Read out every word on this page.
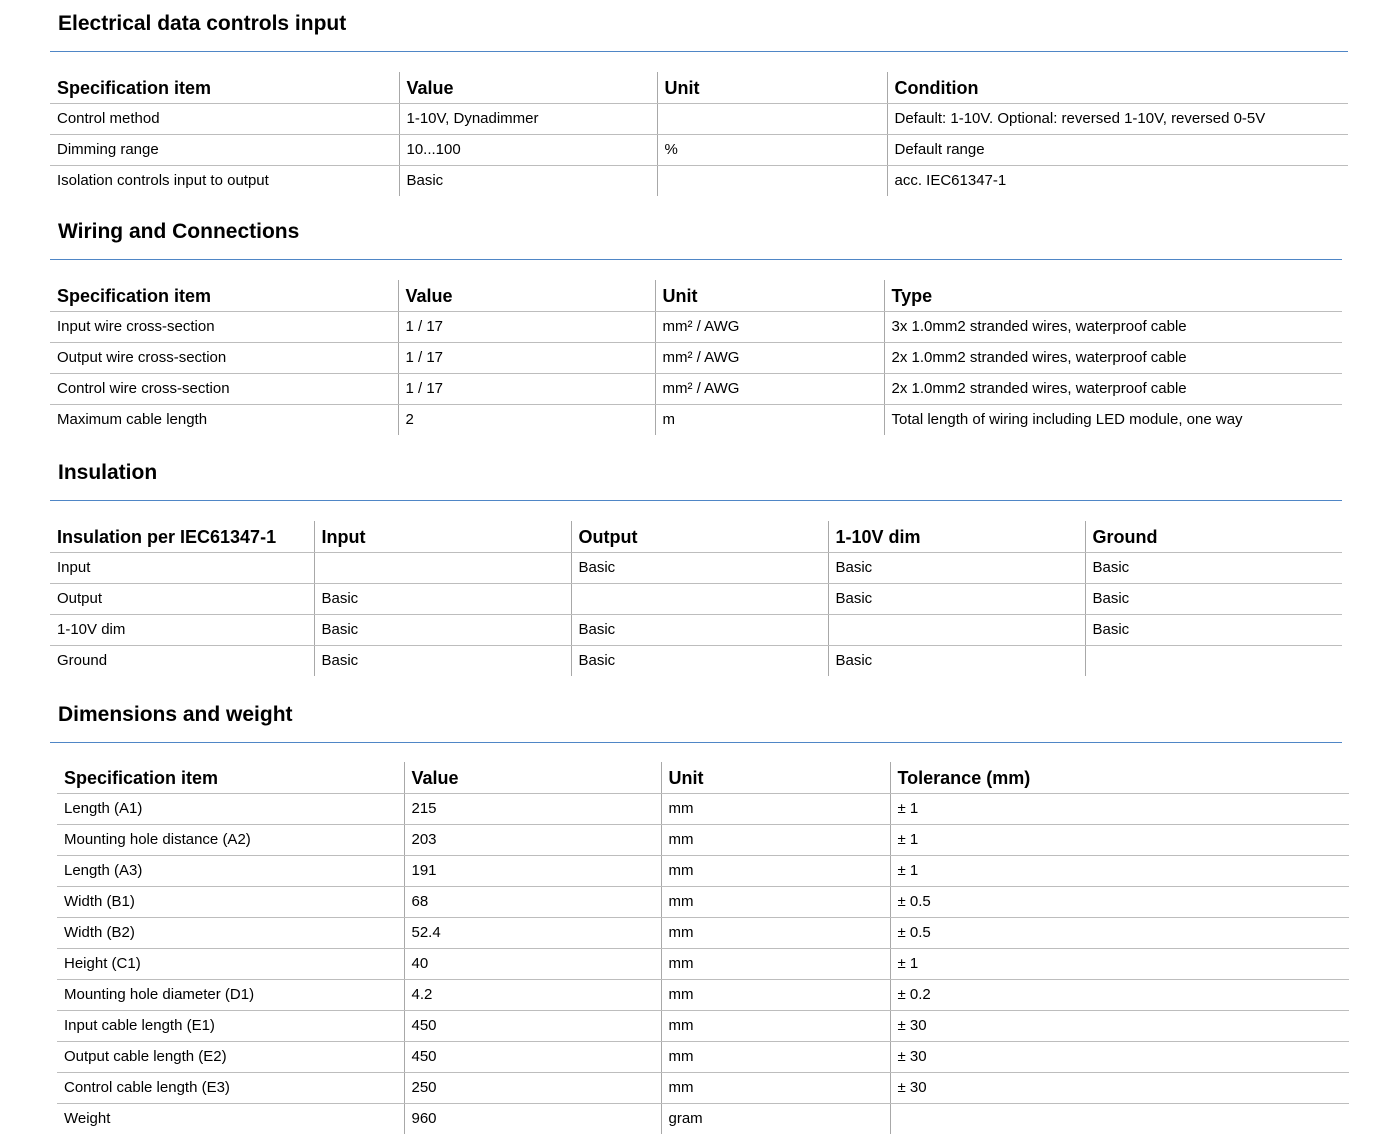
Electrical data controls input
Specification item	Value	Unit	Condition
Control method	1-10V, Dynadimmer		Default: 1-10V. Optional: reversed 1-10V, reversed 0-5V
Dimming range	10...100	%	Default range
Isolation controls input to output	Basic		acc. IEC61347-1
Wiring and Connections
Specification item	Value	Unit	Type
Input wire cross-section	1 / 17	mm² / AWG	3x 1.0mm2 stranded wires, waterproof cable
Output wire cross-section	1 / 17	mm² / AWG	2x 1.0mm2 stranded wires, waterproof cable
Control wire cross-section	1 / 17	mm² / AWG	2x 1.0mm2 stranded wires, waterproof cable
Maximum cable length	2	m	Total length of wiring including LED module, one way
Insulation
Insulation per IEC61347-1	Input	Output	1-10V dim	Ground
Input		Basic	Basic	Basic
Output	Basic		Basic	Basic
1-10V dim	Basic	Basic		Basic
Ground	Basic	Basic	Basic	
Dimensions and weight
Specification item	Value	Unit	Tolerance (mm)
Length (A1)	215	mm	± 1
Mounting hole distance (A2)	203	mm	± 1
Length (A3)	191	mm	± 1
Width (B1)	68	mm	± 0.5
Width (B2)	52.4	mm	± 0.5
Height (C1)	40	mm	± 1
Mounting hole diameter (D1)	4.2	mm	± 0.2
Input cable length (E1)	450	mm	± 30
Output cable length (E2)	450	mm	± 30
Control cable length (E3)	250	mm	± 30
Weight	960	gram	
